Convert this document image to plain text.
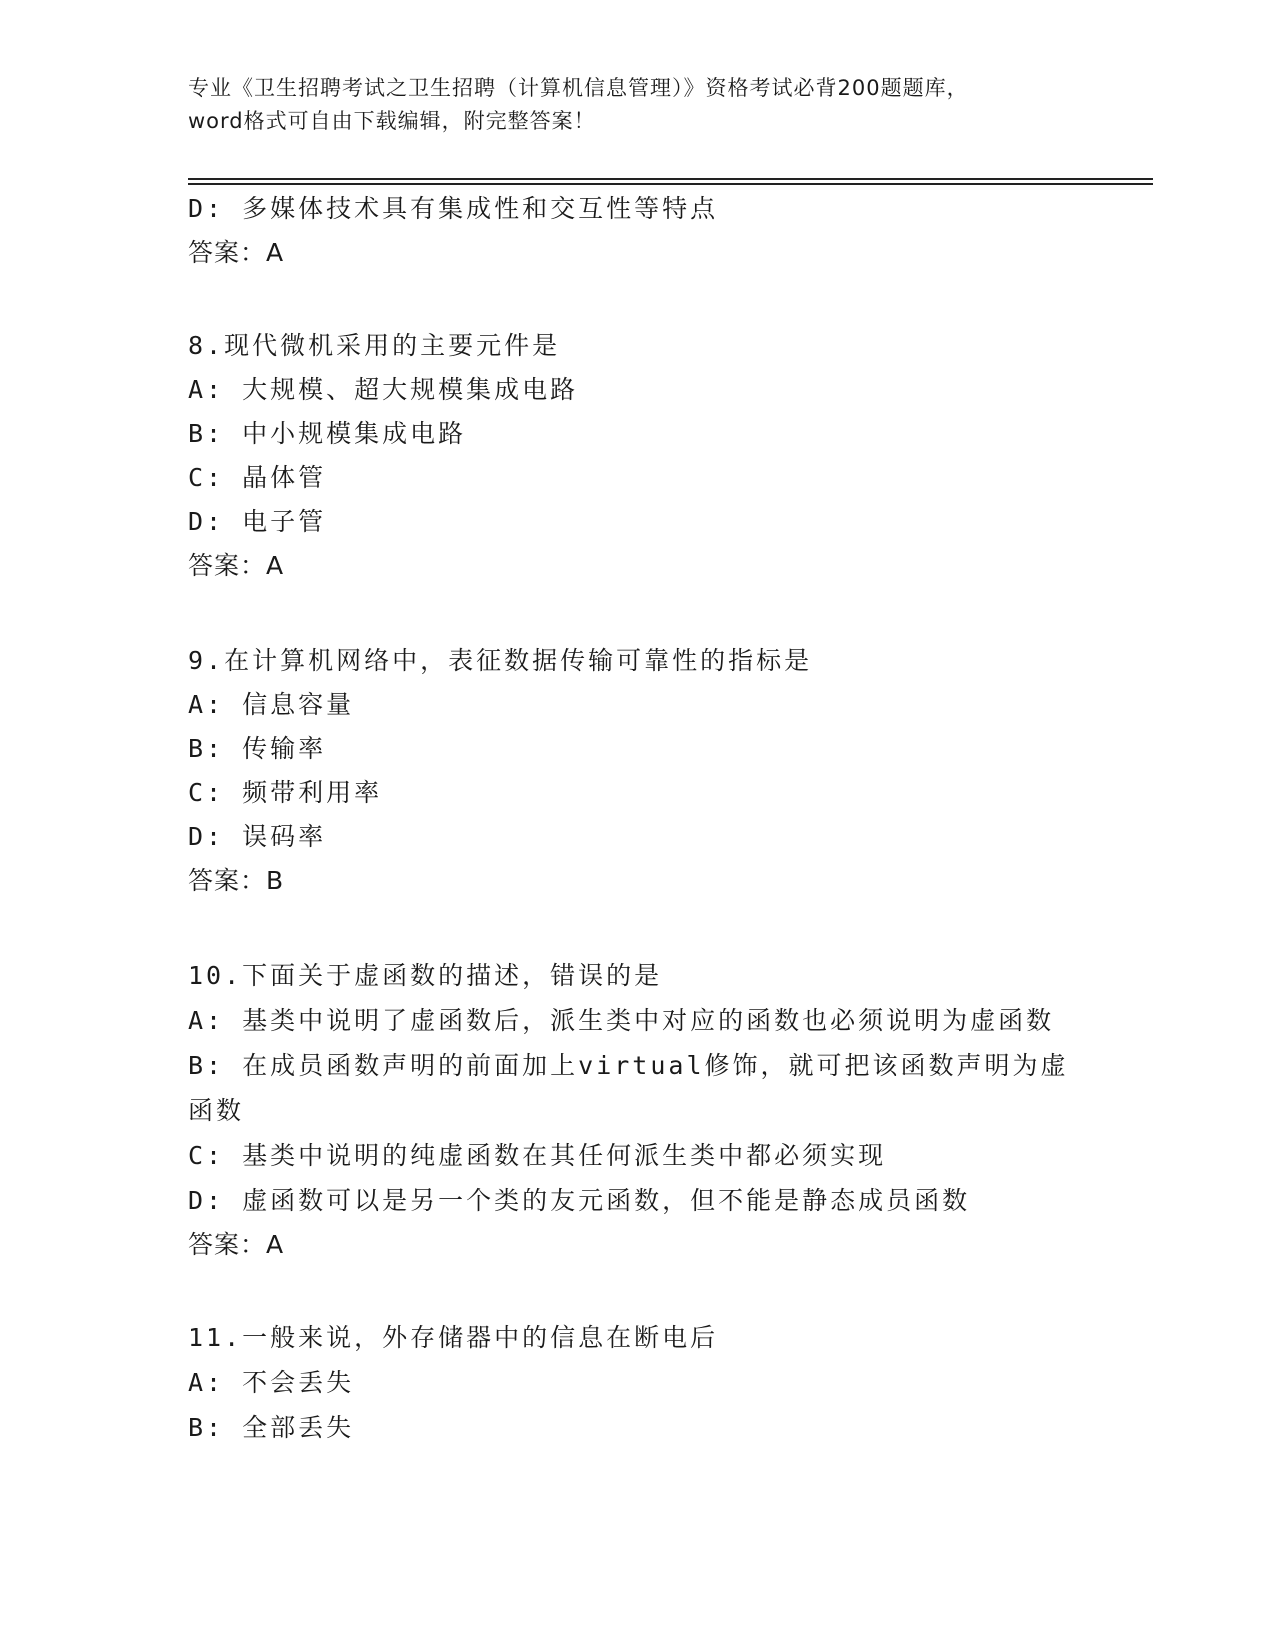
专业《卫生招聘考试之卫生招聘（计算机信息管理）》资格考试必背200题题库，
word格式可自由下载编辑，附完整答案！
D: 多媒体技术具有集成性和交互性等特点
答案：A
8.现代微机采用的主要元件是
A: 大规模、超大规模集成电路
B: 中小规模集成电路
C: 晶体管
D: 电子管
答案：A
9.在计算机网络中，表征数据传输可靠性的指标是
A: 信息容量
B: 传输率
C: 频带利用率
D: 误码率
答案：B
10.下面关于虚函数的描述，错误的是
A: 基类中说明了虚函数后，派生类中对应的函数也必须说明为虚函数
B: 在成员函数声明的前面加上virtual修饰，就可把该函数声明为虚
函数
C: 基类中说明的纯虚函数在其任何派生类中都必须实现
D: 虚函数可以是另一个类的友元函数，但不能是静态成员函数
答案：A
11.一般来说，外存储器中的信息在断电后
A: 不会丢失
B: 全部丢失
